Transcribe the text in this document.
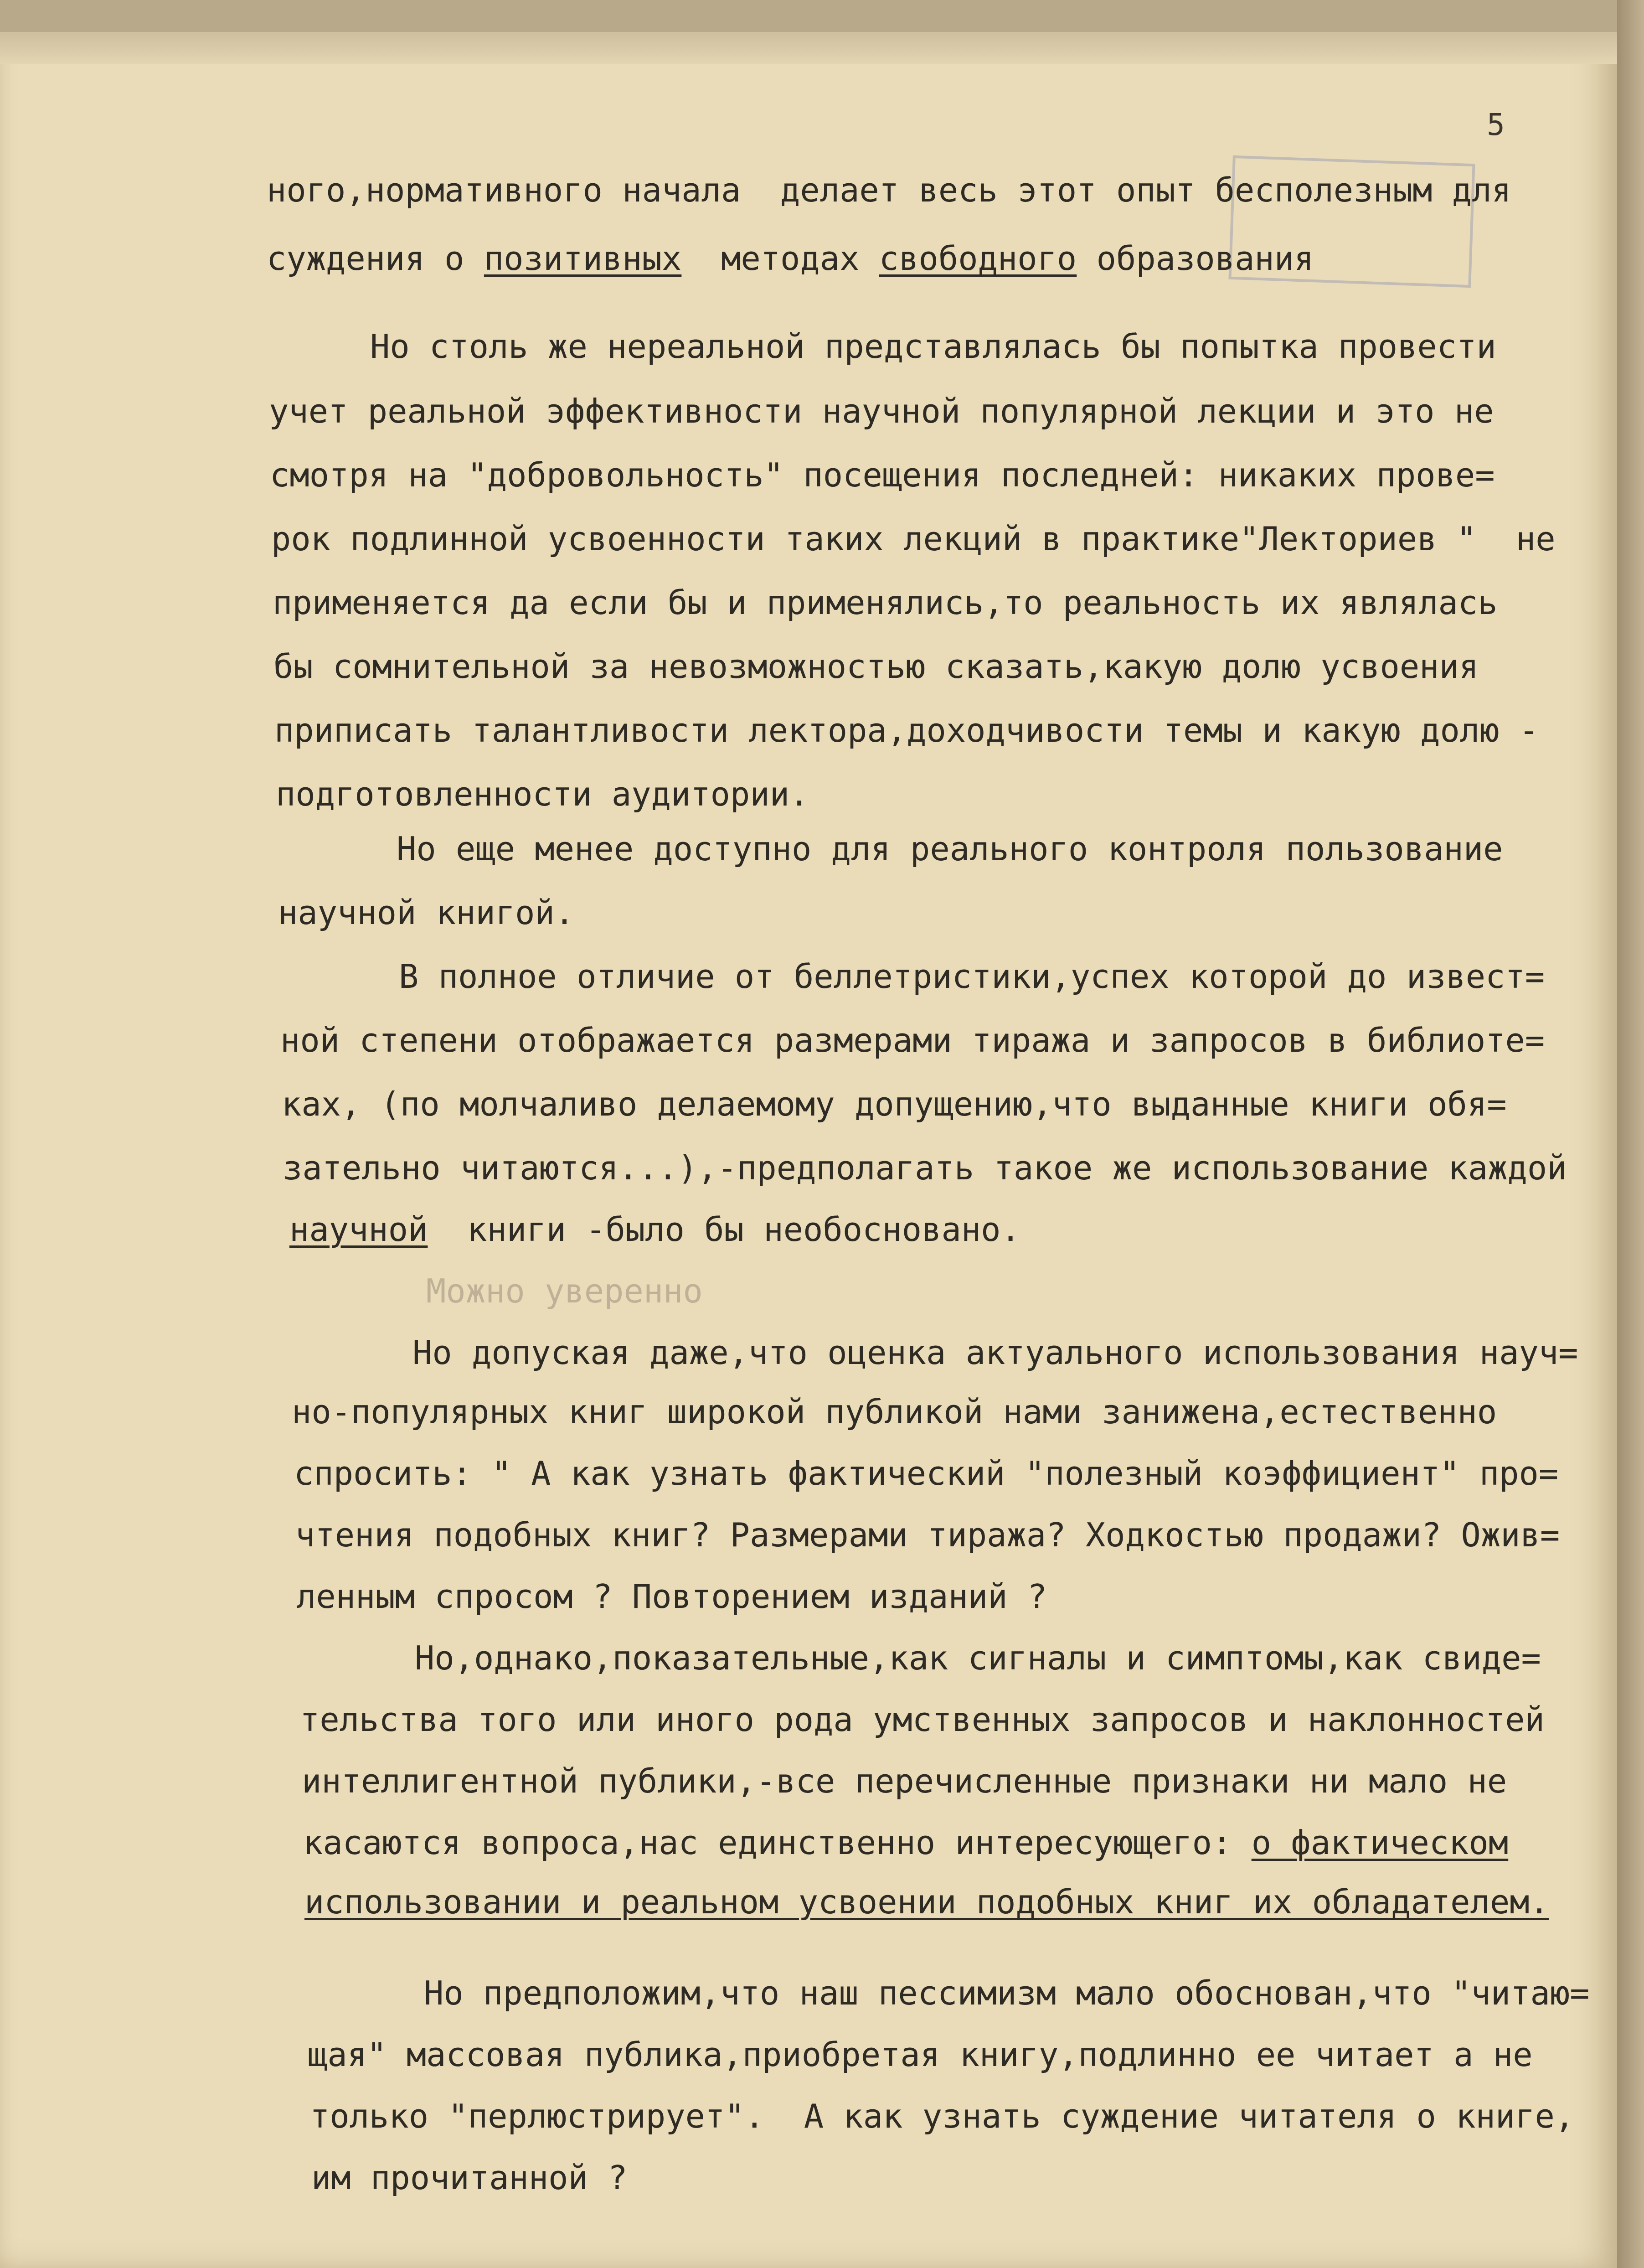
5
ного,нормативного начала  делает весь этот опыт бесполезным для
суждения о позитивных  методах свободного образования
Но столь же нереальной представлялась бы попытка провести
учет реальной эффективности научной популярной лекции и это не
смотря на "добровольность" посещения последней: никаких прове=
рок подлинной усвоенности таких лекций в практике"Лекториев "  не
применяется да если бы и применялись,то реальность их являлась
бы сомнительной за невозможностью сказать,какую долю усвоения
приписать талантливости лектора,доходчивости темы и какую долю -
подготовленности аудитории.
Но еще менее доступно для реального контроля пользование
научной книгой.
В полное отличие от беллетристики,успех которой до извест=
ной степени отображается размерами тиража и запросов в библиоте=
ках, (по молчаливо делаемому допущению,что выданные книги обя=
зательно читаются...),-предполагать такое же использование каждой
научной  книги -было бы необосновано.
Можно уверенно
Но допуская даже,что оценка актуального использования науч=
но-популярных книг широкой публикой нами занижена,естественно
спросить: " А как узнать фактический "полезный коэффициент" про=
чтения подобных книг? Размерами тиража? Ходкостью продажи? Ожив=
ленным спросом ? Повторением изданий ?
Но,однако,показательные,как сигналы и симптомы,как свиде=
тельства того или иного рода умственных запросов и наклонностей
интеллигентной публики,-все перечисленные признаки ни мало не
касаются вопроса,нас единственно интересующего: о фактическом
использовании и реальном усвоении подобных книг их обладателем.
Но предположим,что наш пессимизм мало обоснован,что "читаю=
щая" массовая публика,приобретая книгу,подлинно ее читает а не
только "перлюстрирует".  А как узнать суждение читателя о книге,
им прочитанной ?
